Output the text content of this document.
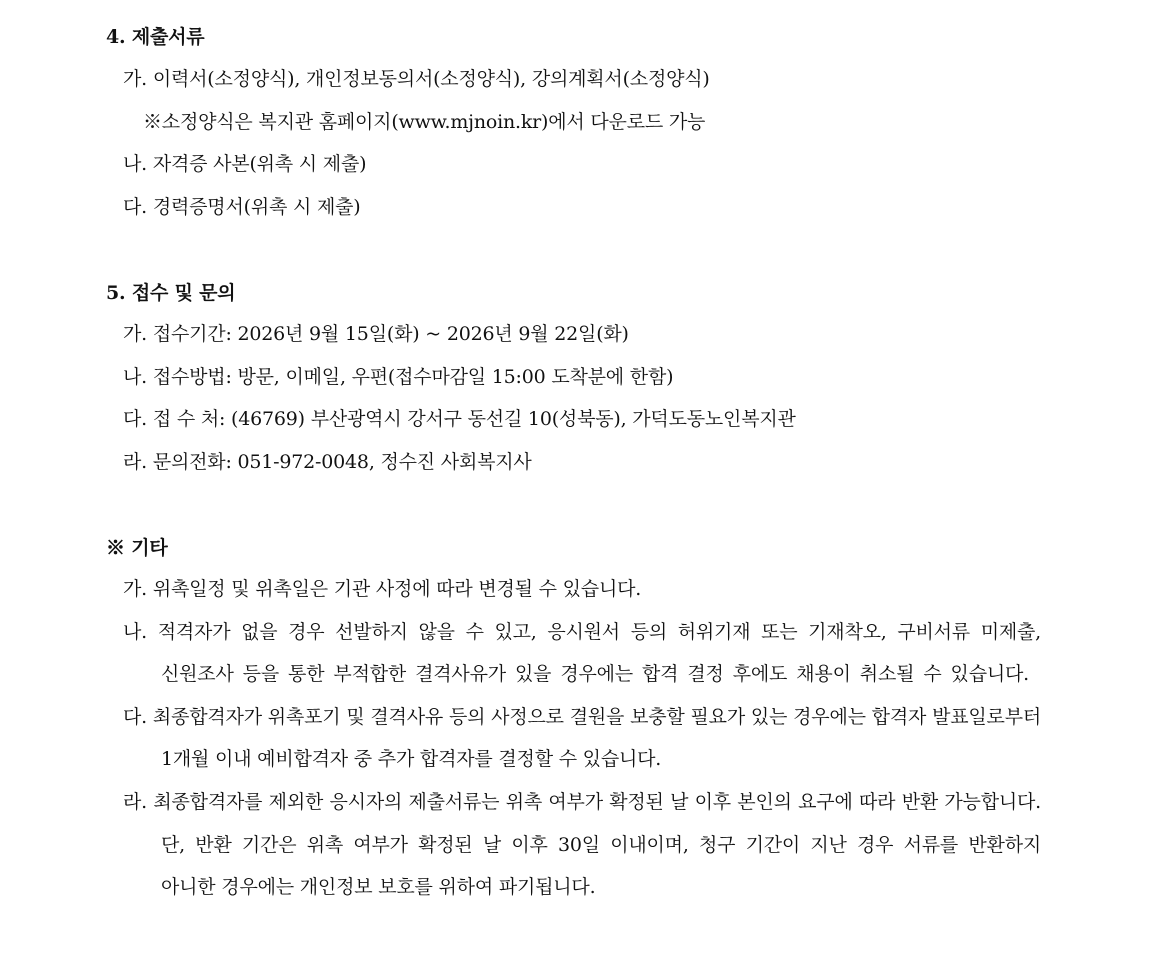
4. 제출서류
가. 이력서(소정양식), 개인정보동의서(소정양식), 강의계획서(소정양식)
※소정양식은 복지관 홈페이지(www.mjnoin.kr)에서 다운로드 가능
나. 자격증 사본(위촉 시 제출)
다. 경력증명서(위촉 시 제출)
5. 접수 및 문의
가. 접수기간: 2026년 9월 15일(화) ~ 2026년 9월 22일(화)
나. 접수방법: 방문, 이메일, 우편(접수마감일 15:00 도착분에 한함)
다. 접 수 처: (46769) 부산광역시 강서구 동선길 10(성북동), 가덕도동노인복지관
라. 문의전화: 051-972-0048, 정수진 사회복지사
※ 기타
가. 위촉일정 및 위촉일은 기관 사정에 따라 변경될 수 있습니다.
나. 적격자가 없을 경우 선발하지 않을 수 있고, 응시원서 등의 허위기재 또는 기재착오, 구비서류 미제출,
신원조사 등을 통한 부적합한 결격사유가 있을 경우에는 합격 결정 후에도 채용이 취소될 수 있습니다.
다. 최종합격자가 위촉포기 및 결격사유 등의 사정으로 결원을 보충할 필요가 있는 경우에는 합격자 발표일로부터
1개월 이내 예비합격자 중 추가 합격자를 결정할 수 있습니다.
라. 최종합격자를 제외한 응시자의 제출서류는 위촉 여부가 확정된 날 이후 본인의 요구에 따라 반환 가능합니다.
단, 반환 기간은 위촉 여부가 확정된 날 이후 30일 이내이며, 청구 기간이 지난 경우 서류를 반환하지
아니한 경우에는 개인정보 보호를 위하여 파기됩니다.
